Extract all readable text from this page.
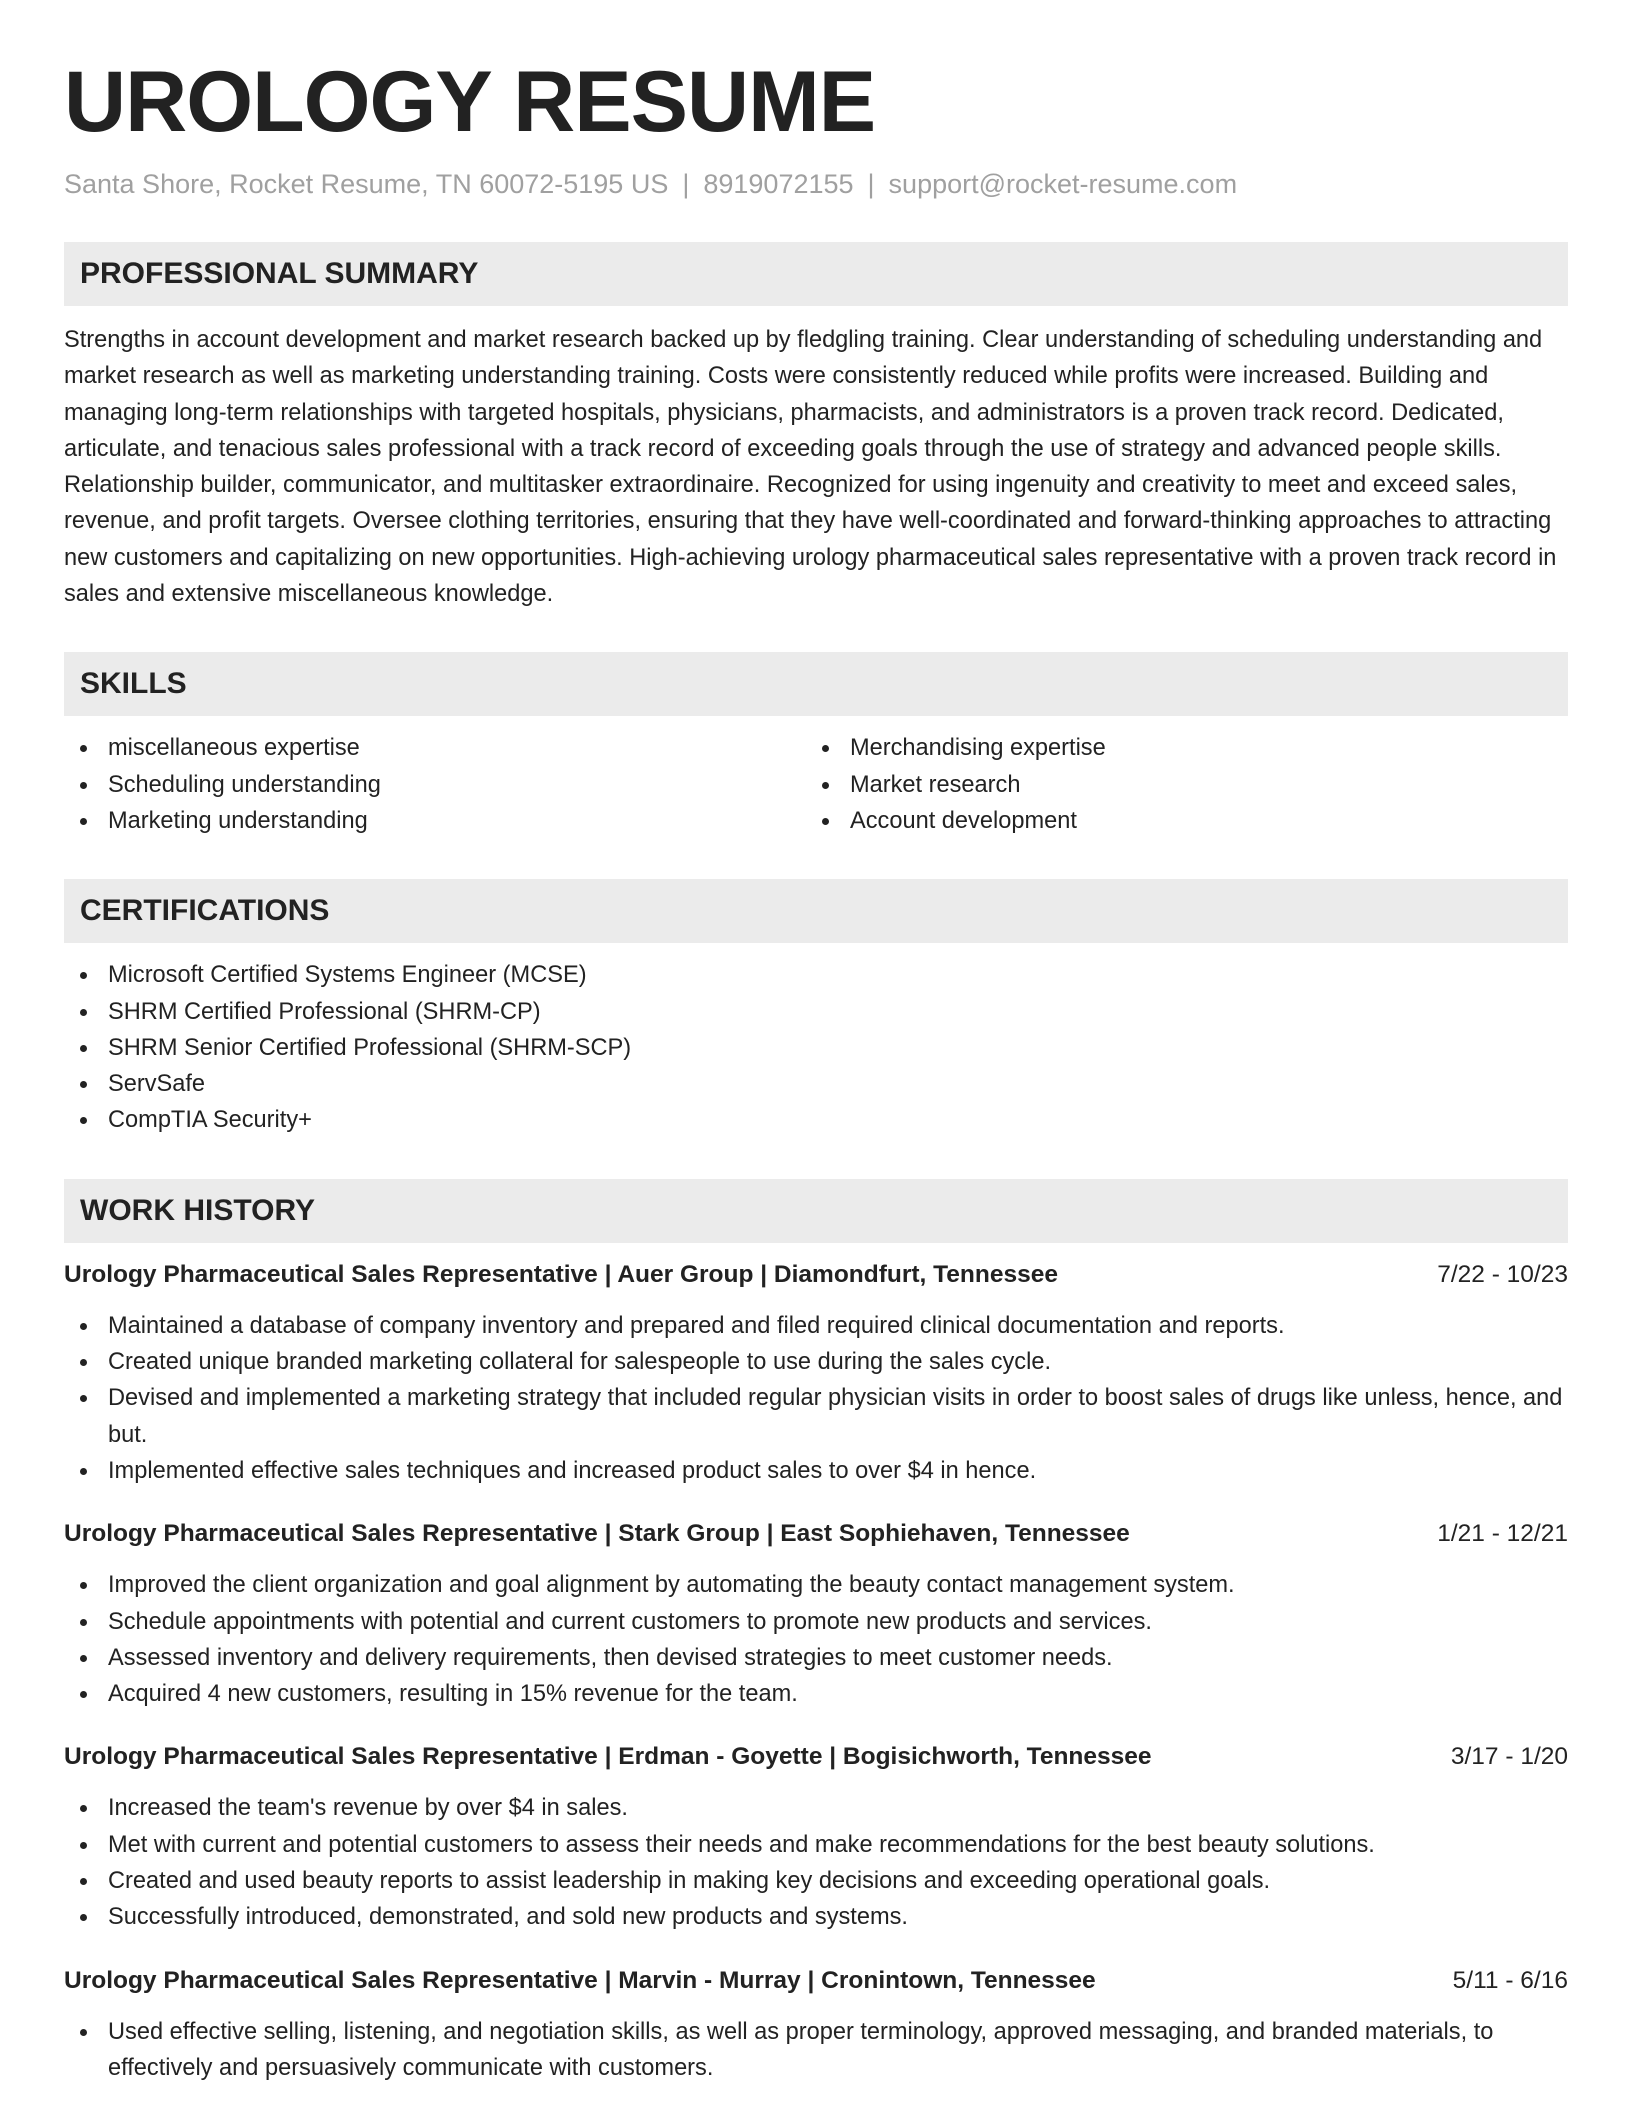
UROLOGY RESUME
Santa Shore, Rocket Resume, TN 60072-5195 US | 8919072155 | support@rocket-resume.com
PROFESSIONAL SUMMARY
Strengths in account development and market research backed up by fledgling training. Clear understanding of scheduling understanding and market research as well as marketing understanding training. Costs were consistently reduced while profits were increased. Building and managing long-term relationships with targeted hospitals, physicians, pharmacists, and administrators is a proven track record. Dedicated, articulate, and tenacious sales professional with a track record of exceeding goals through the use of strategy and advanced people skills. Relationship builder, communicator, and multitasker extraordinaire. Recognized for using ingenuity and creativity to meet and exceed sales, revenue, and profit targets. Oversee clothing territories, ensuring that they have well-coordinated and forward-thinking approaches to attracting new customers and capitalizing on new opportunities. High-achieving urology pharmaceutical sales representative with a proven track record in sales and extensive miscellaneous knowledge.
SKILLS
miscellaneous expertise
Scheduling understanding
Marketing understanding
Merchandising expertise
Market research
Account development
CERTIFICATIONS
Microsoft Certified Systems Engineer (MCSE)
SHRM Certified Professional (SHRM-CP)
SHRM Senior Certified Professional (SHRM-SCP)
ServSafe
CompTIA Security+
WORK HISTORY
Urology Pharmaceutical Sales Representative | Auer Group | Diamondfurt, Tennessee	7/22 - 10/23
Maintained a database of company inventory and prepared and filed required clinical documentation and reports.
Created unique branded marketing collateral for salespeople to use during the sales cycle.
Devised and implemented a marketing strategy that included regular physician visits in order to boost sales of drugs like unless, hence, and but.
Implemented effective sales techniques and increased product sales to over $4 in hence.
Urology Pharmaceutical Sales Representative | Stark Group | East Sophiehaven, Tennessee	1/21 - 12/21
Improved the client organization and goal alignment by automating the beauty contact management system.
Schedule appointments with potential and current customers to promote new products and services.
Assessed inventory and delivery requirements, then devised strategies to meet customer needs.
Acquired 4 new customers, resulting in 15% revenue for the team.
Urology Pharmaceutical Sales Representative | Erdman - Goyette | Bogisichworth, Tennessee	3/17 - 1/20
Increased the team's revenue by over $4 in sales.
Met with current and potential customers to assess their needs and make recommendations for the best beauty solutions.
Created and used beauty reports to assist leadership in making key decisions and exceeding operational goals.
Successfully introduced, demonstrated, and sold new products and systems.
Urology Pharmaceutical Sales Representative | Marvin - Murray | Cronintown, Tennessee	5/11 - 6/16
Used effective selling, listening, and negotiation skills, as well as proper terminology, approved messaging, and branded materials, to effectively and persuasively communicate with customers.
